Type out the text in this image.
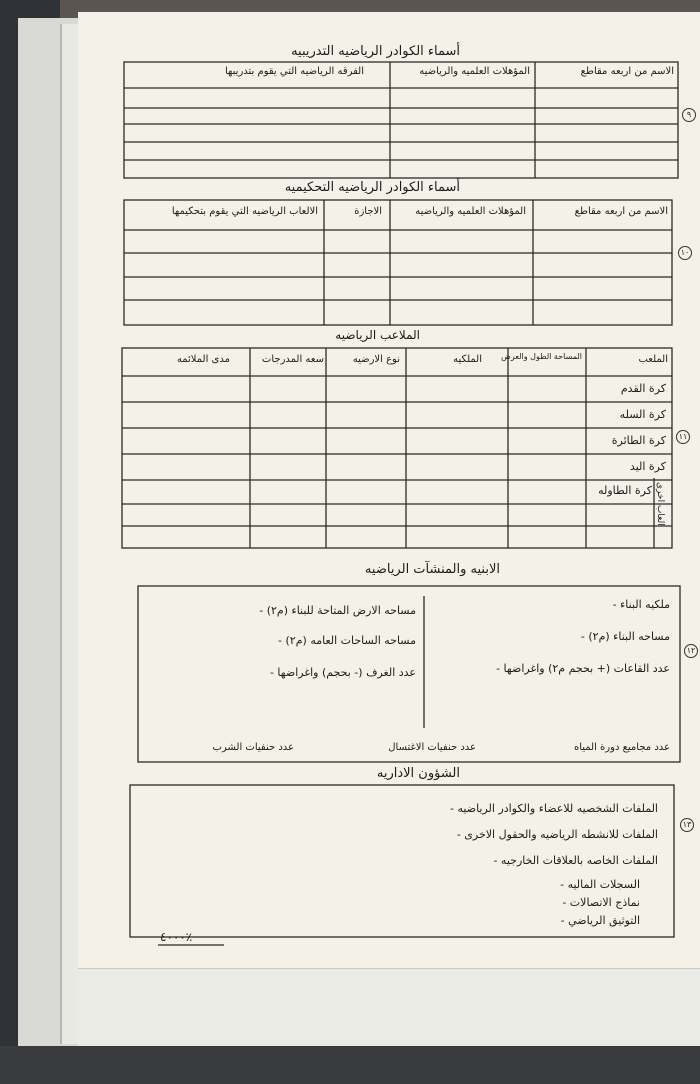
٩
أسماء الكوادر الرياضيه التدريبيه
الاسم من اربعه مقاطع
المؤهلات العلميه والرياضيه
الفرقه الرياضيه التي يقوم بتدريبها
١٠
أسماء الكوادر الرياضيه التحكيميه
الاسم من اربعه مقاطع
المؤهلات العلميه والرياضيه
الاجازة
الالعاب الرياضيه التي يقوم بتحكيمها
١١
الملاعب الرياضيه
الملعب
المساحة الطول والعرض
الملكيه
نوع الارضيه
سعه المدرجات
مدى الملائمه
كرة القدم
كرة السله
كرة الطائرة
كرة اليد
كرة الطاوله العاب اخرى
١٢
الابنيه والمنشآت الرياضيه
ملكيه البناء -
مساحه البناء (م٢) -
عدد القاعات (+ بحجم م٢) واغراضها -
مساحه الارض المتاحة للبناء (م٢) -
مساحه الساحات العامه (م٢) -
عدد الغرف (- بحجم) واغراضها -
عدد مجاميع دورة المياه
عدد حنفيات الاغتسال
عدد حنفيات الشرب
١٣
الشؤون الاداريه
الملفات الشخصيه للاعضاء والكوادر الرياضيه -
الملفات للانشطه الرياضيه والحقول الاخرى -
الملفات الخاصه بالعلاقات الخارجيه -
السجلات الماليه -
نماذج الاتصالات -
التوثيق الرياضي -
٪٤٠٠٠
